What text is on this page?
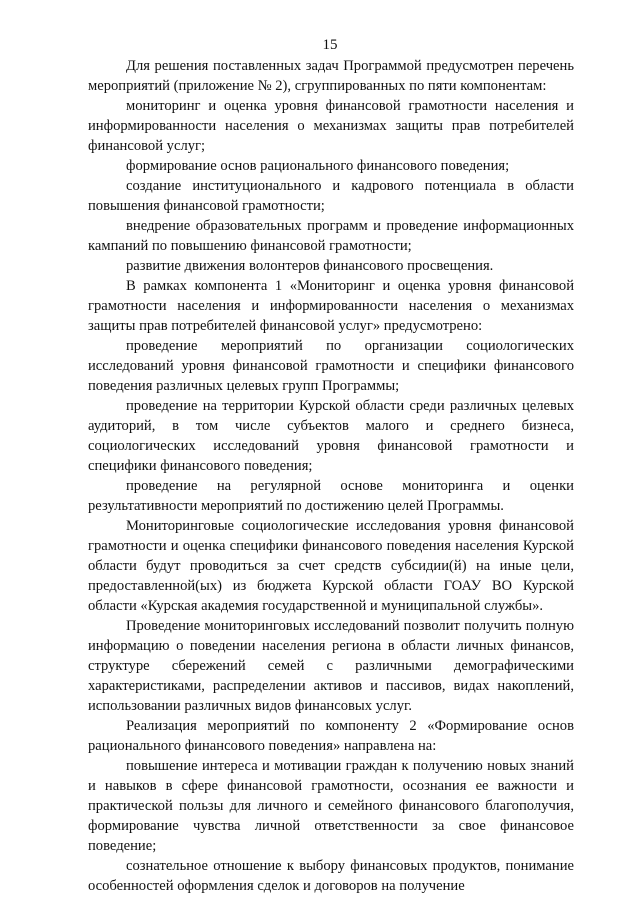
15

Для решения поставленных задач Программой предусмотрен перечень мероприятий (приложение № 2), сгруппированных по пяти компонентам:

мониторинг и оценка уровня финансовой грамотности населения и информированности населения о механизмах защиты прав потребителей финансовой услуг;

формирование основ рационального финансового поведения;

создание институционального и кадрового потенциала в области повышения финансовой грамотности;

внедрение образовательных программ и проведение информационных кампаний по повышению финансовой грамотности;

развитие движения волонтеров финансового просвещения.

В рамках компонента 1 «Мониторинг и оценка уровня финансовой грамотности населения и информированности населения о механизмах защиты прав потребителей финансовой услуг» предусмотрено:

проведение мероприятий по организации социологических исследований уровня финансовой грамотности и специфики финансового поведения различных целевых групп Программы;

проведение на территории Курской области среди различных целевых аудиторий, в том числе субъектов малого и среднего бизнеса, социологических исследований уровня финансовой грамотности и специфики финансового поведения;

проведение на регулярной основе мониторинга и оценки результативности мероприятий по достижению целей Программы.

Мониторинговые социологические исследования уровня финансовой грамотности и оценка специфики финансового поведения населения Курской области будут проводиться за счет средств субсидии(й) на иные цели, предоставленной(ых) из бюджета Курской области ГОАУ ВО Курской области «Курская академия государственной и муниципальной службы».

Проведение мониторинговых исследований позволит получить полную информацию о поведении населения региона в области личных финансов, структуре сбережений семей с различными демографическими характеристиками, распределении активов и пассивов, видах накоплений, использовании различных видов финансовых услуг.

Реализация мероприятий по компоненту 2 «Формирование основ рационального финансового поведения» направлена на:

повышение интереса и мотивации граждан к получению новых знаний и навыков в сфере финансовой грамотности, осознания ее важности и практической пользы для личного и семейного финансового благополучия, формирование чувства личной ответственности за свое финансовое поведение;

сознательное отношение к выбору финансовых продуктов, понимание особенностей оформления сделок и договоров на получение
